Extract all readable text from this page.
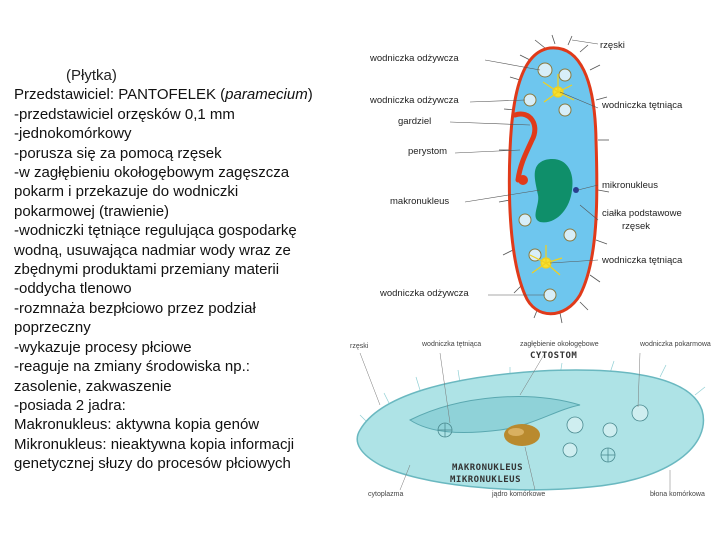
(Płytka)
Przedstawiciel: PANTOFELEK (paramecium)
-przedstawiciel orzęsków 0,1 mm
-jednokomórkowy
-porusza się za pomocą rzęsek
-w zagłębieniu okołogębowym zagęszcza
pokarm i przekazuje do wodniczki
pokarmowej (trawienie)
-wodniczki tętniące regulująca gospodarkę
wodną, usuwająca nadmiar wody wraz ze
zbędnymi produktami przemiany materii
-oddycha tlenowo
-rozmnaża bezpłciowo przez podział
poprzeczny
-wykazuje procesy płciowe
-reaguje na zmiany środowiska np.:
zasolenie, zakwaszenie
-posiada 2 jadra:
Makronukleus: aktywna kopia genów
Mikronukleus: nieaktywna kopia informacji
genetycznej słuzy do procesów płciowych
rzęski
wodniczka odżywcza
wodniczka odżywcza
gardziel
perystom
makronukleus
wodniczka odżywcza
wodniczka tętniąca
mikronukleus
ciałka podstawowe
rzęsek
wodniczka tętniąca
rzęski	wodniczka tętniąca	zagłębienie okołogębowe
CYTOSTOM
wodniczka pokarmowa
MAKRONUKLEUS
MIKRONUKLEUS
cytoplazma	jądro komórkowe	błona komórkowa
